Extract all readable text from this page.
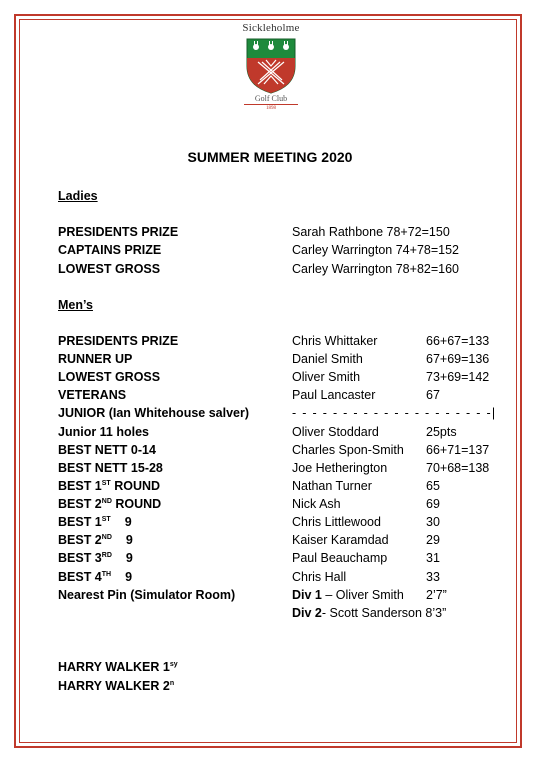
Sickleholme
Golf Club
1898
SUMMER MEETING 2020
Ladies
PRESIDENTS PRIZE	Sarah Rathbone 78+72=150
CAPTAINS PRIZE	Carley Warrington 74+78=152
LOWEST GROSS	Carley Warrington 78+82=160
Men’s
PRESIDENTS PRIZE	Chris Whittaker	66+67=133
RUNNER UP	Daniel Smith	67+69=136
LOWEST GROSS	Oliver Smith	73+69=142
VETERANS	Paul Lancaster	67
JUNIOR (Ian Whitehouse salver)	- - - - - - - - - - - - - - - - - - - -|
Junior 11 holes	Oliver Stoddard	25pts
BEST NETT 0-14	Charles Spon-Smith 66+71=137
BEST NETT 15-28	Joe Hetherington	70+68=138
BEST 1ST ROUND	Nathan Turner	65
BEST 2ND ROUND	Nick Ash	69
BEST 1ST 9	Chris Littlewood	30
BEST 2ND 9	Kaiser Karamdad	29
BEST 3RD 9	Paul Beauchamp	31
BEST 4TH 9	Chris Hall	33
Nearest Pin (Simulator Room)	Div 1 – Oliver Smith 2’7”
Div 2- Scott Sanderson 8’3”
HARRY WALKER $1^{sy}$
HARRY WALKER 2$^n$
